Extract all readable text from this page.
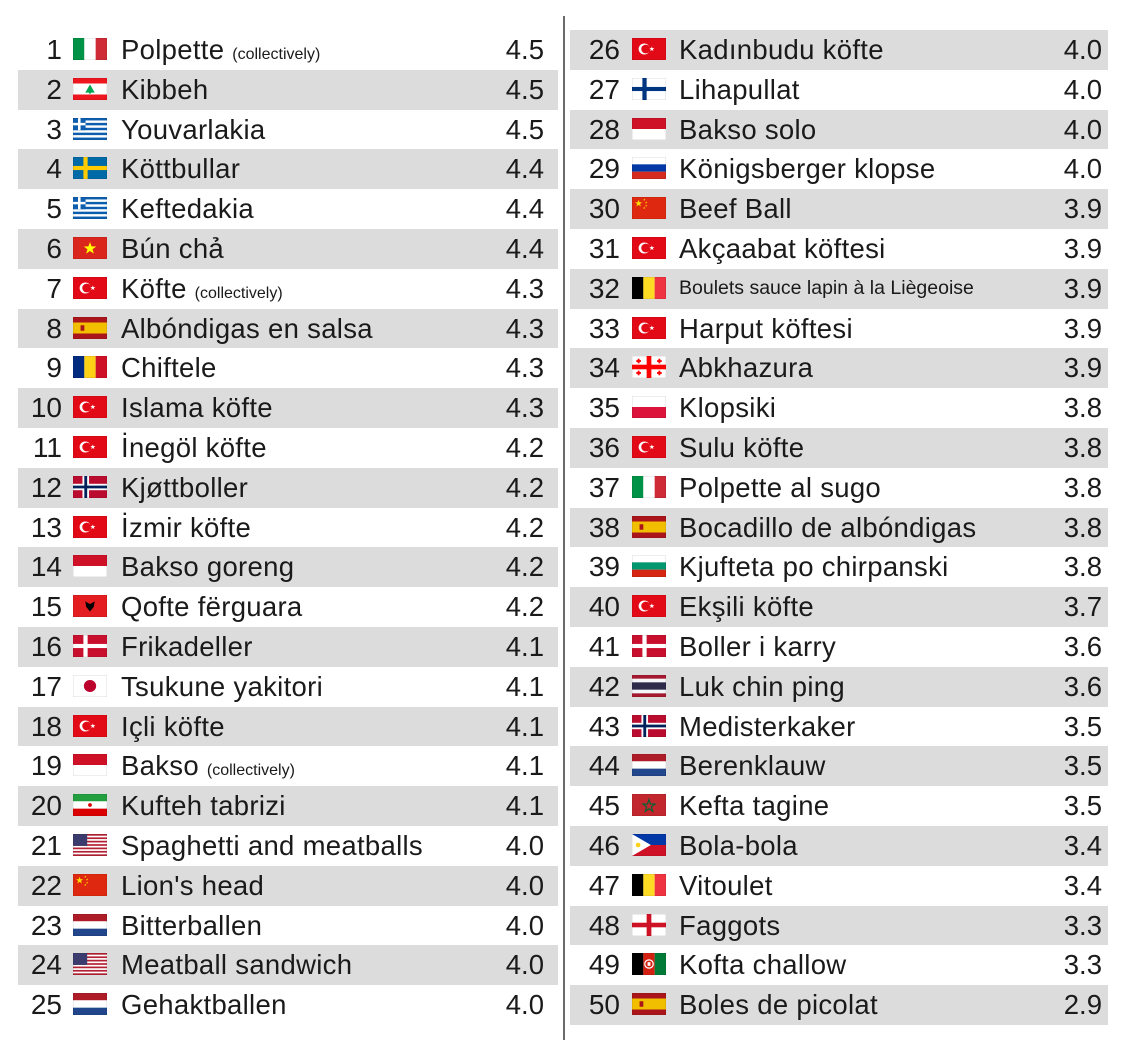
1 Polpette (collectively)	4.5
2 Kibbeh	4.5
3 Youvarlakia	4.5
4 Köttbullar	4.4
5 Keftedakia	4.4
6 Bún chả	4.4
7 Köfte (collectively)	4.3
8 Albóndigas en salsa	4.3
9 Chiftele	4.3
10 Islama köfte	4.3
11 İnegöl köfte	4.2
12 Kjøttboller	4.2
13 İzmir köfte	4.2
14 Bakso goreng	4.2
15 Qofte fërguara	4.2
16 Frikadeller	4.1
17 Tsukune yakitori	4.1
18 Içli köfte	4.1
19 Bakso (collectively)	4.1
20 Kufteh tabrizi	4.1
21 Spaghetti and meatballs	4.0
22 Lion's head	4.0
23 Bitterballen	4.0
24 Meatball sandwich	4.0
25 Gehaktballen	4.0
26 Kadınbudu köfte	4.0
27 Lihapullat	4.0
28 Bakso solo	4.0
29 Königsberger klopse	4.0
30 Beef Ball	3.9
31 Akçaabat köftesi	3.9
32	Boulets sauce lapin à la Liègeoise	3.9
33 Harput köftesi	3.9
34 Abkhazura	3.9
35 Klopsiki	3.8
36 Sulu köfte	3.8
37 Polpette al sugo	3.8
38 Bocadillo de albóndigas	3.8
39 Kjufteta po chirpanski	3.8
40 Ekşili köfte	3.7
41 Boller i karry	3.6
42 Luk chin ping	3.6
43 Medisterkaker	3.5
44 Berenklauw	3.5
45 Kefta tagine	3.5
46 Bola-bola	3.4
47 Vitoulet	3.4
48 Faggots	3.3
49 Kofta challow	3.3
50 Boles de picolat	2.9
